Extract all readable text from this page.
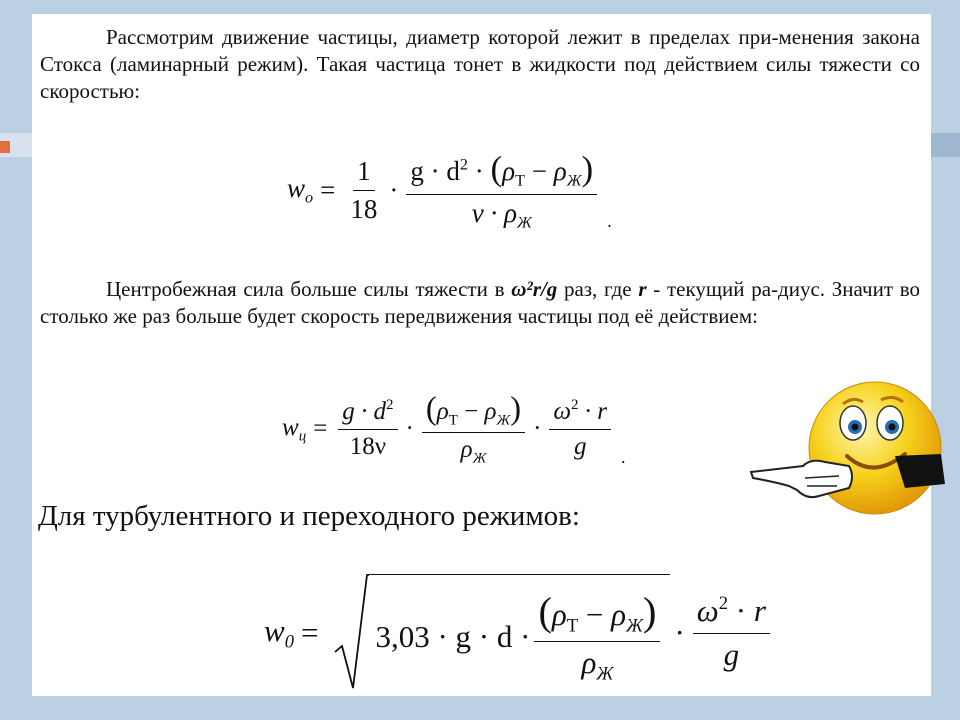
Рассмотрим движение частицы, диаметр которой лежит в пределах при-менения закона Стокса (ламинарный режим). Такая частица тонет в жидкости под действием силы тяжести со скоростью:

$w_о = \frac{1}{18} \cdot \frac{g \cdot d^2 \cdot (\rho_Т - \rho_Ж)}{\nu \cdot \rho_Ж}$ .

Центробежная сила больше силы тяжести в ω²r/g раз, где r - текущий ра-диус. Значит во столько же раз больше будет скорость передвижения частицы под её действием:

$w_ц = \frac{g \cdot d^2}{18\nu} \cdot \frac{(\rho_Т - \rho_Ж)}{\rho_Ж} \cdot \frac{\omega^2 \cdot r}{g}$ .

Для турбулентного и переходного режимов:

$w_0 = 3,03 \cdot g \cdot d \cdot \frac{(\rho_Т - \rho_Ж)}{\rho_Ж} \cdot \frac{\omega^2 \cdot r}{g}$
